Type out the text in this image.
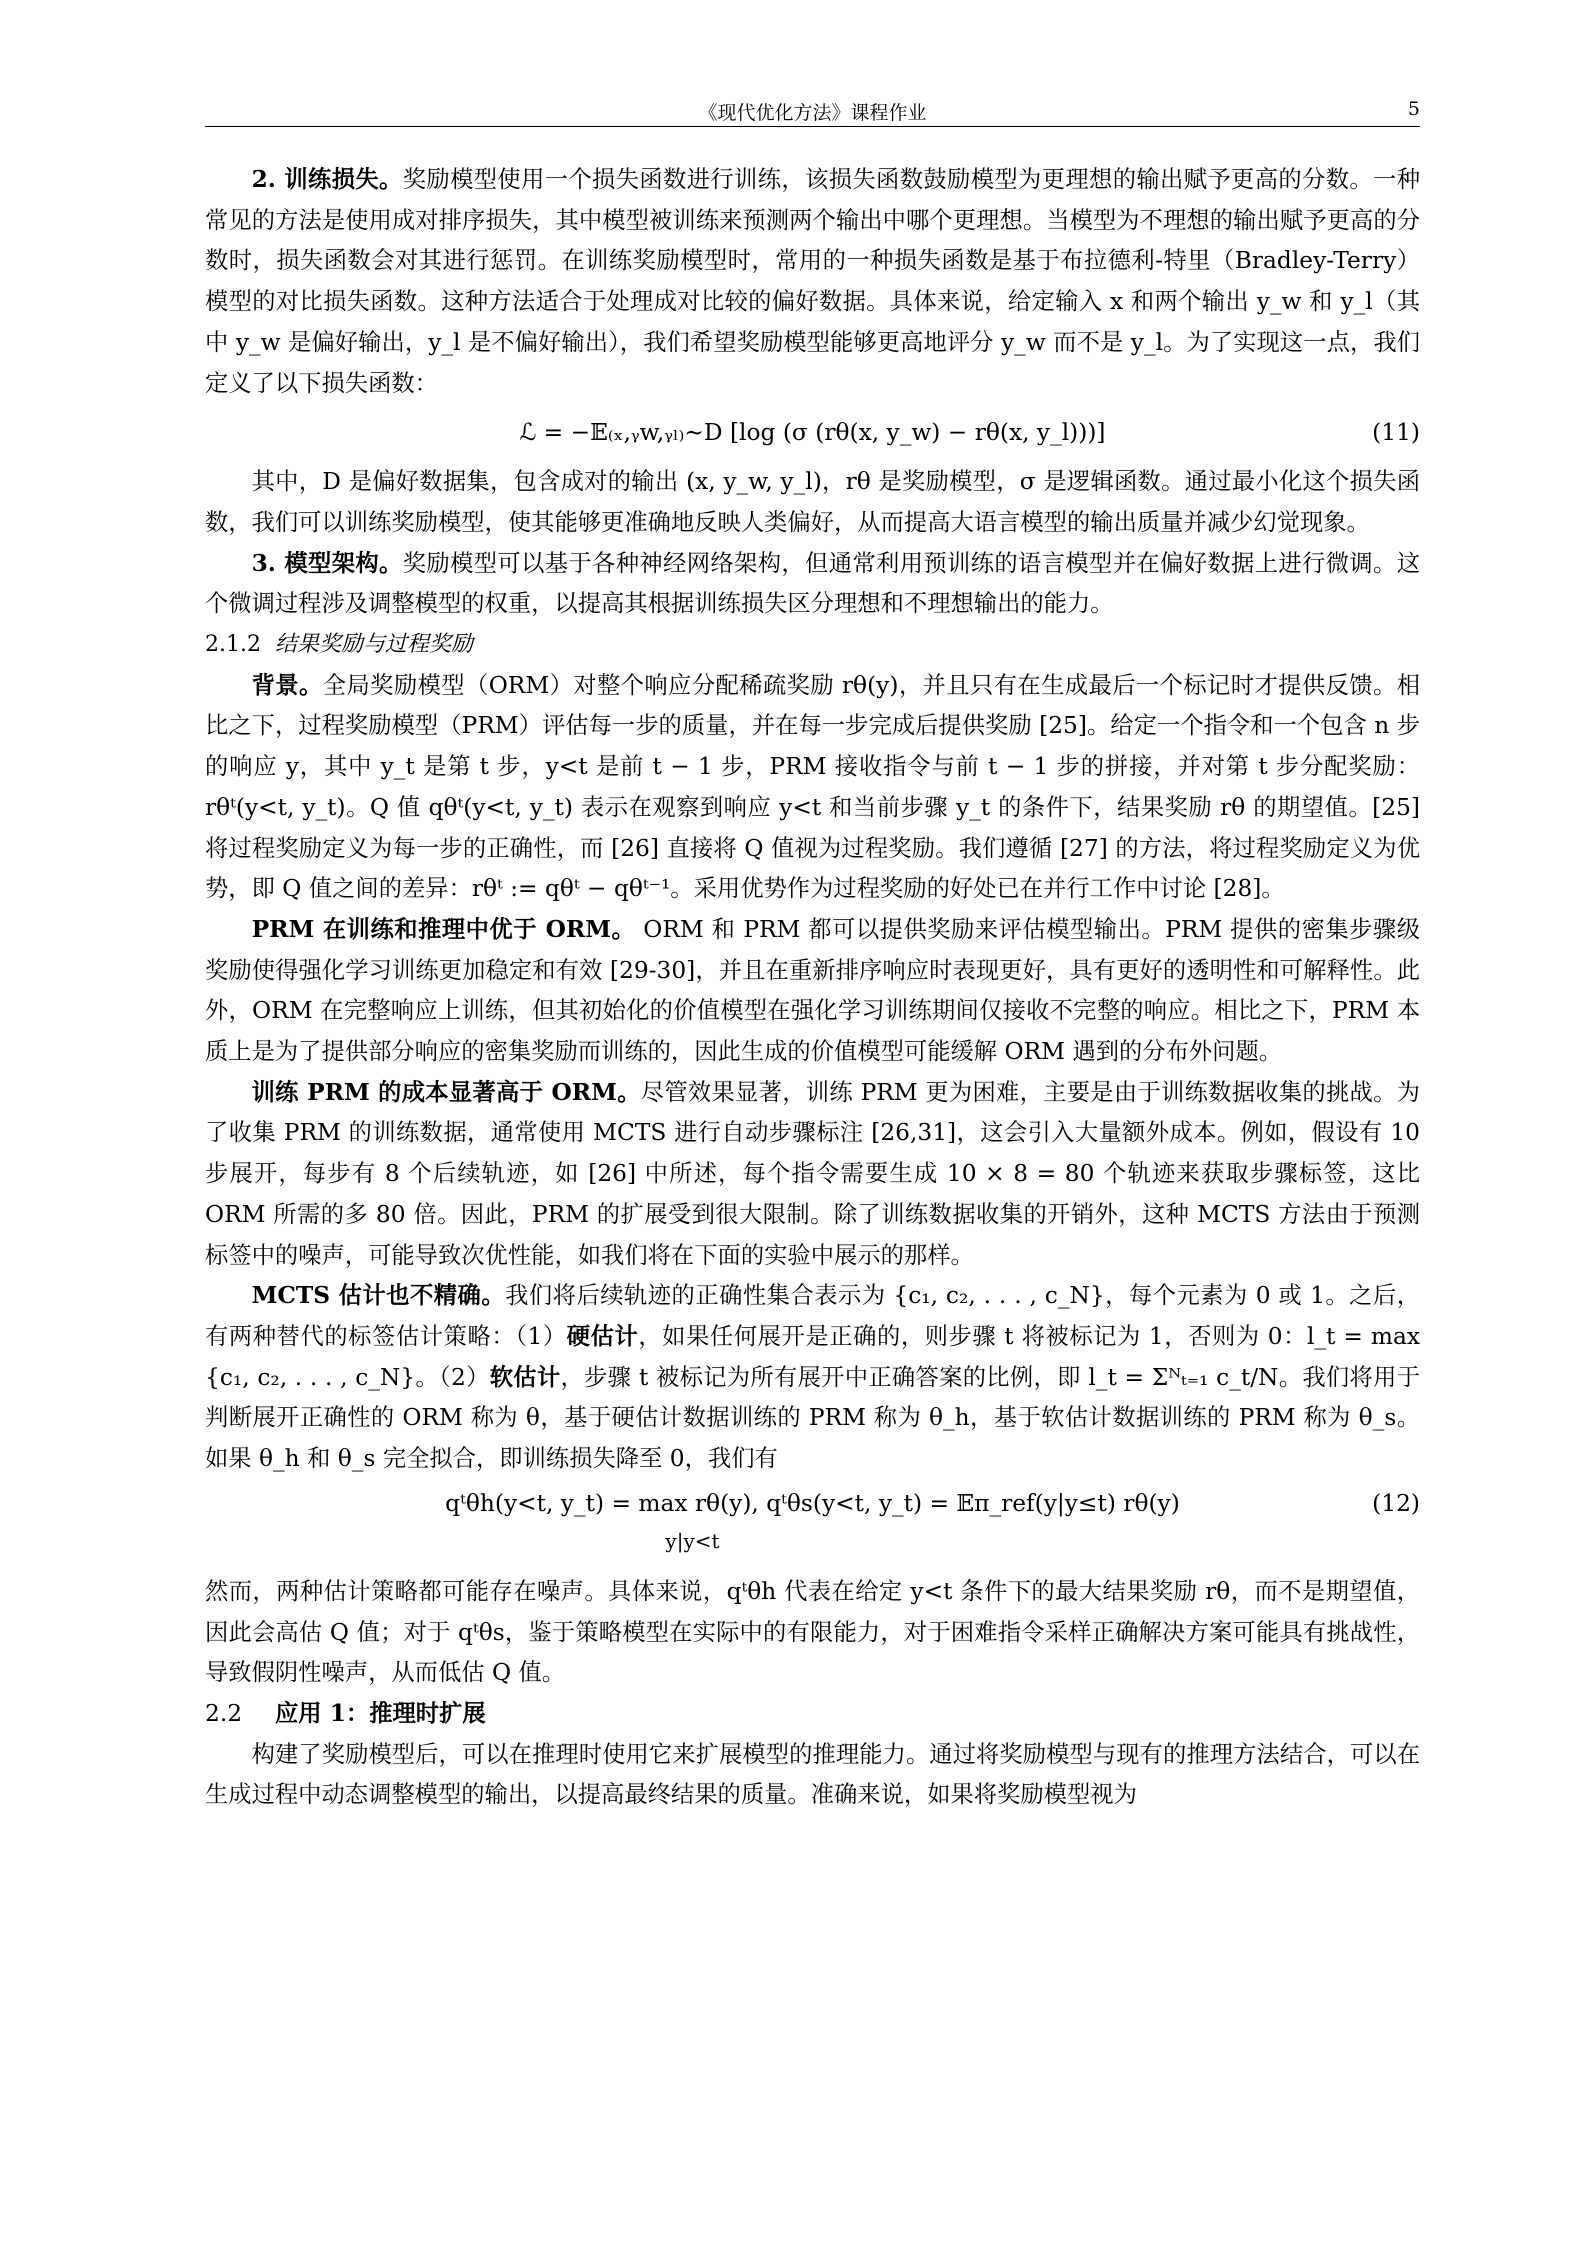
《现代优化方法》课程作业	5

2. 训练损失。奖励模型使用一个损失函数进行训练，该损失函数鼓励模型为更理想的输出赋予更高的分数。一种常见的方法是使用成对排序损失，其中模型被训练来预测两个输出中哪个更理想。当模型为不理想的输出赋予更高的分数时，损失函数会对其进行惩罚。在训练奖励模型时，常用的一种损失函数是基于布拉德利-特里（Bradley-Terry）模型的对比损失函数。这种方法适合于处理成对比较的偏好数据。具体来说，给定输入 x 和两个输出 y_w 和 y_l（其中 y_w 是偏好输出，y_l 是不偏好输出），我们希望奖励模型能够更高地评分 y_w 而不是 y_l。为了实现这一点，我们定义了以下损失函数：

ℒ = −𝔼₍ₓ,ᵧw,ᵧₗ₎∼D [log (σ (rθ(x, y_w) − rθ(x, y_l)))]	(11)

其中，D 是偏好数据集，包含成对的输出 (x, y_w, y_l)，rθ 是奖励模型，σ 是逻辑函数。通过最小化这个损失函数，我们可以训练奖励模型，使其能够更准确地反映人类偏好，从而提高大语言模型的输出质量并减少幻觉现象。

3. 模型架构。奖励模型可以基于各种神经网络架构，但通常利用预训练的语言模型并在偏好数据上进行微调。这个微调过程涉及调整模型的权重，以提高其根据训练损失区分理想和不理想输出的能力。

2.1.2 结果奖励与过程奖励

背景。全局奖励模型（ORM）对整个响应分配稀疏奖励 rθ(y)，并且只有在生成最后一个标记时才提供反馈。相比之下，过程奖励模型（PRM）评估每一步的质量，并在每一步完成后提供奖励 [25]。给定一个指令和一个包含 n 步的响应 y，其中 y_t 是第 t 步，y<t 是前 t − 1 步，PRM 接收指令与前 t − 1 步的拼接，并对第 t 步分配奖励：rθᵗ(y<t, y_t)。Q 值 qθᵗ(y<t, y_t) 表示在观察到响应 y<t 和当前步骤 y_t 的条件下，结果奖励 rθ 的期望值。[25] 将过程奖励定义为每一步的正确性，而 [26] 直接将 Q 值视为过程奖励。我们遵循 [27] 的方法，将过程奖励定义为优势，即 Q 值之间的差异：rθᵗ := qθᵗ − qθᵗ⁻¹。采用优势作为过程奖励的好处已在并行工作中讨论 [28]。

PRM 在训练和推理中优于 ORM。 ORM 和 PRM 都可以提供奖励来评估模型输出。PRM 提供的密集步骤级奖励使得强化学习训练更加稳定和有效 [29-30]，并且在重新排序响应时表现更好，具有更好的透明性和可解释性。此外，ORM 在完整响应上训练，但其初始化的价值模型在强化学习训练期间仅接收不完整的响应。相比之下，PRM 本质上是为了提供部分响应的密集奖励而训练的，因此生成的价值模型可能缓解 ORM 遇到的分布外问题。

训练 PRM 的成本显著高于 ORM。尽管效果显著，训练 PRM 更为困难，主要是由于训练数据收集的挑战。为了收集 PRM 的训练数据，通常使用 MCTS 进行自动步骤标注 [26,31]，这会引入大量额外成本。例如，假设有 10 步展开，每步有 8 个后续轨迹，如 [26] 中所述，每个指令需要生成 10 × 8 = 80 个轨迹来获取步骤标签，这比 ORM 所需的多 80 倍。因此，PRM 的扩展受到很大限制。除了训练数据收集的开销外，这种 MCTS 方法由于预测标签中的噪声，可能导致次优性能，如我们将在下面的实验中展示的那样。

MCTS 估计也不精确。我们将后续轨迹的正确性集合表示为 {c₁, c₂, . . . , c_N}，每个元素为 0 或 1。之后，有两种替代的标签估计策略：（1）硬估计，如果任何展开是正确的，则步骤 t 将被标记为 1，否则为 0：l_t = max {c₁, c₂, . . . , c_N}。（2）软估计，步骤 t 被标记为所有展开中正确答案的比例，即 l_t = Σᴺₜ₌₁ c_t/N。我们将用于判断展开正确性的 ORM 称为 θ，基于硬估计数据训练的 PRM 称为 θ_h，基于软估计数据训练的 PRM 称为 θ_s。如果 θ_h 和 θ_s 完全拟合，即训练损失降至 0，我们有

qᵗθh(y<t, y_t) = max rθ(y), qᵗθs(y<t, y_t) = 𝔼π_ref(y|y≤t) rθ(y)
y|y<t
(12)

然而，两种估计策略都可能存在噪声。具体来说，qᵗθh 代表在给定 y<t 条件下的最大结果奖励 rθ，而不是期望值，因此会高估 Q 值；对于 qᵗθs，鉴于策略模型在实际中的有限能力，对于困难指令采样正确解决方案可能具有挑战性，导致假阴性噪声，从而低估 Q 值。

2.2 应用 1：推理时扩展

构建了奖励模型后，可以在推理时使用它来扩展模型的推理能力。通过将奖励模型与现有的推理方法结合，可以在生成过程中动态调整模型的输出，以提高最终结果的质量。准确来说，如果将奖励模型视为
